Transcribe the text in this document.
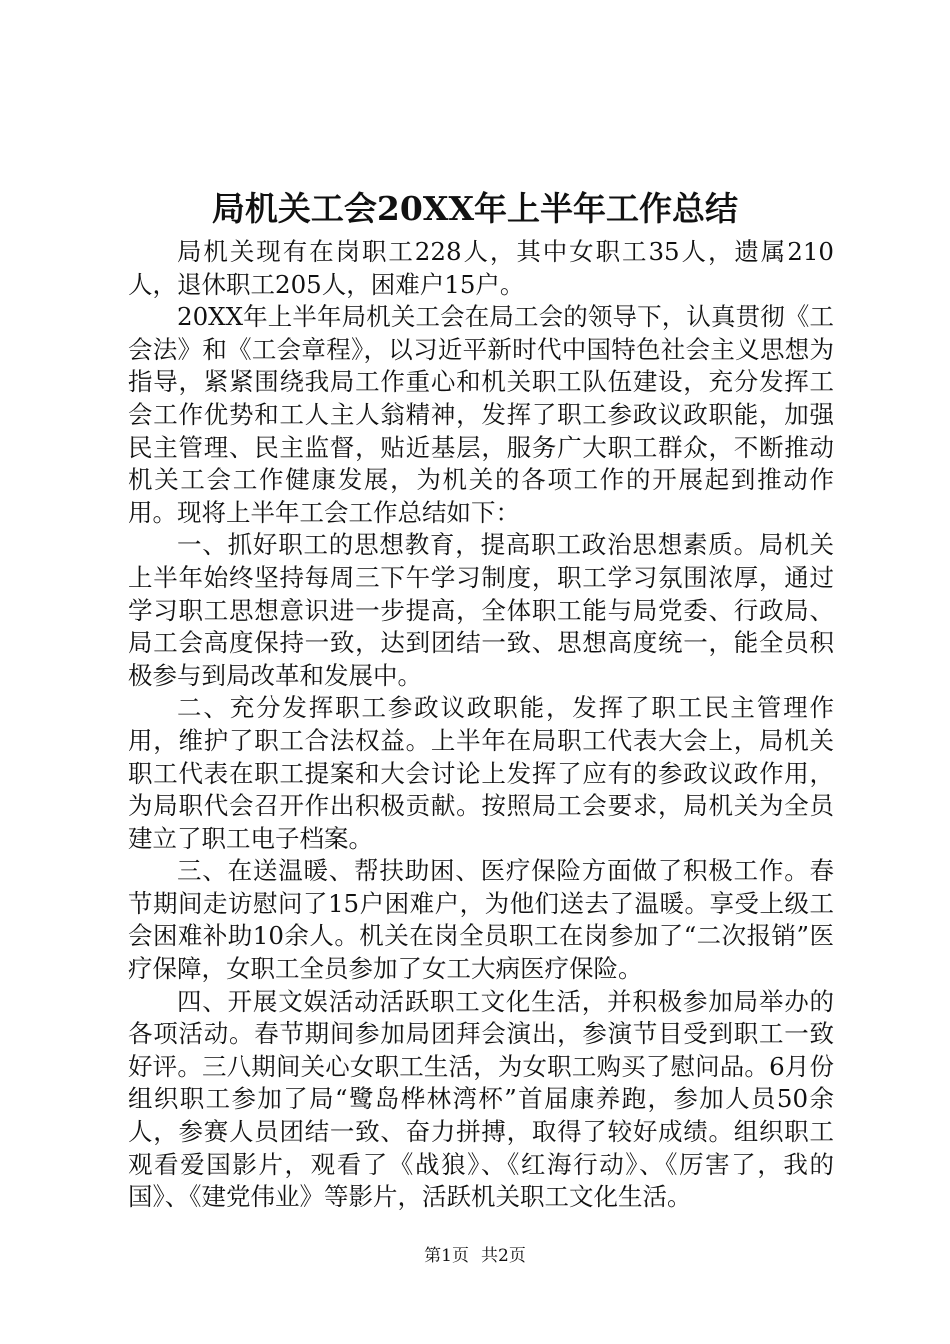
局机关工会20XX年上半年工作总结

局机关现有在岗职工228人，其中女职工35人，遗属210人，退休职工205人，困难户15户。

20XX年上半年局机关工会在局工会的领导下，认真贯彻《工会法》和《工会章程》，以习近平新时代中国特色社会主义思想为指导，紧紧围绕我局工作重心和机关职工队伍建设，充分发挥工会工作优势和工人主人翁精神，发挥了职工参政议政职能，加强民主管理、民主监督，贴近基层，服务广大职工群众，不断推动机关工会工作健康发展，为机关的各项工作的开展起到推动作用。现将上半年工会工作总结如下：

一、抓好职工的思想教育，提高职工政治思想素质。局机关上半年始终坚持每周三下午学习制度，职工学习氛围浓厚，通过学习职工思想意识进一步提高，全体职工能与局党委、行政局、局工会高度保持一致，达到团结一致、思想高度统一，能全员积极参与到局改革和发展中。

二、充分发挥职工参政议政职能，发挥了职工民主管理作用，维护了职工合法权益。上半年在局职工代表大会上，局机关职工代表在职工提案和大会讨论上发挥了应有的参政议政作用，为局职代会召开作出积极贡献。按照局工会要求，局机关为全员建立了职工电子档案。

三、在送温暖、帮扶助困、医疗保险方面做了积极工作。春节期间走访慰问了15户困难户，为他们送去了温暖。享受上级工会困难补助10余人。机关在岗全员职工在岗参加了“二次报销”医疗保障，女职工全员参加了女工大病医疗保险。

四、开展文娱活动活跃职工文化生活，并积极参加局举办的各项活动。春节期间参加局团拜会演出，参演节目受到职工一致好评。三八期间关心女职工生活，为女职工购买了慰问品。6月份组织职工参加了局“鹭岛桦林湾杯”首届康养跑，参加人员50余人，参赛人员团结一致、奋力拼搏，取得了较好成绩。组织职工观看爱国影片，观看了《战狼》、《红海行动》、《厉害了，我的国》、《建党伟业》等影片，活跃机关职工文化生活。

第1页 共2页
